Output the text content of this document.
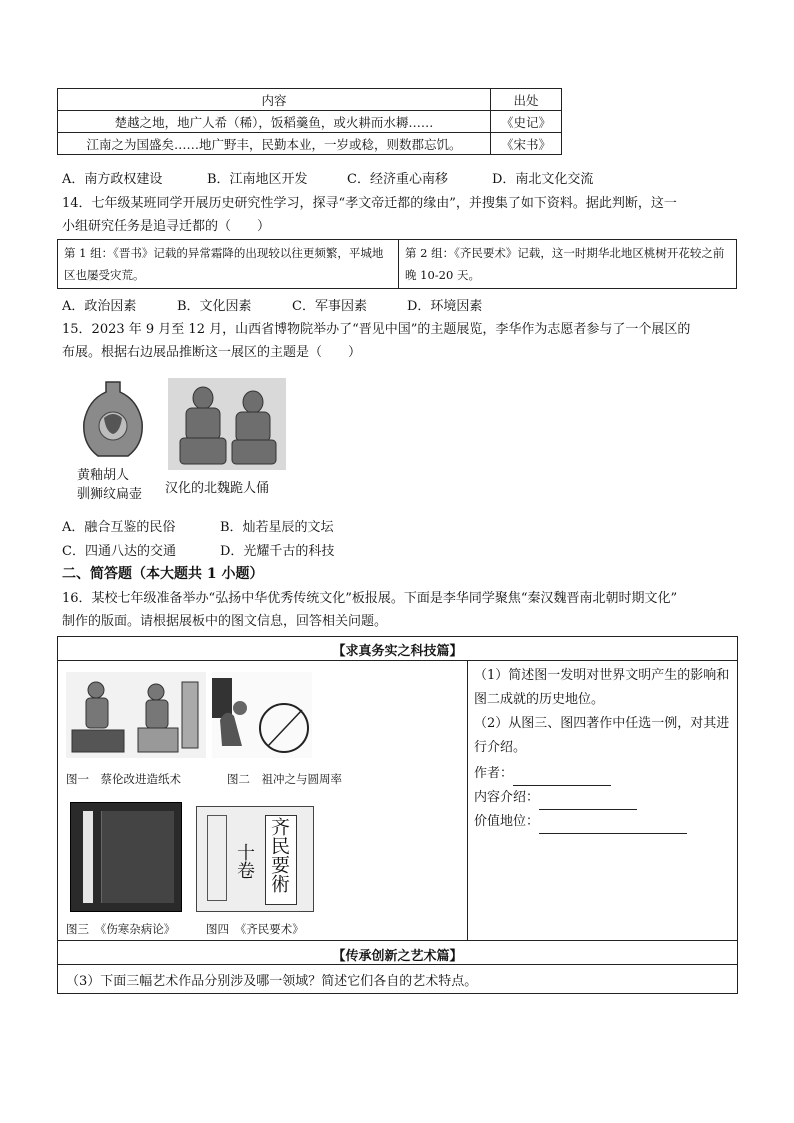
内容	出处
楚越之地，地广人希（稀），饭稻羹鱼，或火耕而水耨……	《史记》
江南之为国盛矣……地广野丰，民勤本业，一岁或稔，则数郡忘饥。	《宋书》
A．南方政权建设	B．江南地区开发	C．经济重心南移	D．南北文化交流
14．七年级某班同学开展历史研究性学习，探寻“孝文帝迁都的缘由”，并搜集了如下资料。据此判断，这一
小组研究任务是追寻迁都的（　　）
第 1 组：《晋书》记载的异常霜降的出现较以往更频繁，平城地区也屡受灾荒。	第 2 组：《齐民要术》记载，这一时期华北地区桃树开花较之前晚 10-20 天。
A．政治因素	B．文化因素	C．军事因素	D．环境因素
15．2023 年 9 月至 12 月，山西省博物院举办了“晋见中国”的主题展览，李华作为志愿者参与了一个展区的
布展。根据右边展品推断这一展区的主题是（　　）
黄釉胡人
驯狮纹扁壶 汉化的北魏跪人俑
A．融合互鉴的民俗	B．灿若星辰的文坛
C．四通八达的交通	D．光耀千古的科技
二、简答题（本大题共 1 小题）
16．某校七年级准备举办“弘扬中华优秀传统文化”板报展。下面是李华同学聚焦“秦汉魏晋南北朝时期文化”
制作的版面。请根据展板中的图文信息，回答相关问题。
【求真务实之科技篇】
图一　蔡伦改进造纸术	图二　祖冲之与圆周率
十卷 齐民要術
图三　《伤寒杂病论》	图四　《齐民要术》
（1）简述图一发明对世界文明产生的影响和图二成就的历史地位。
（2）从图三、图四著作中任选一例，对其进行介绍。
作者：
内容介绍：
价值地位：
【传承创新之艺术篇】
（3）下面三幅艺术作品分别涉及哪一领域？简述它们各自的艺术特点。
